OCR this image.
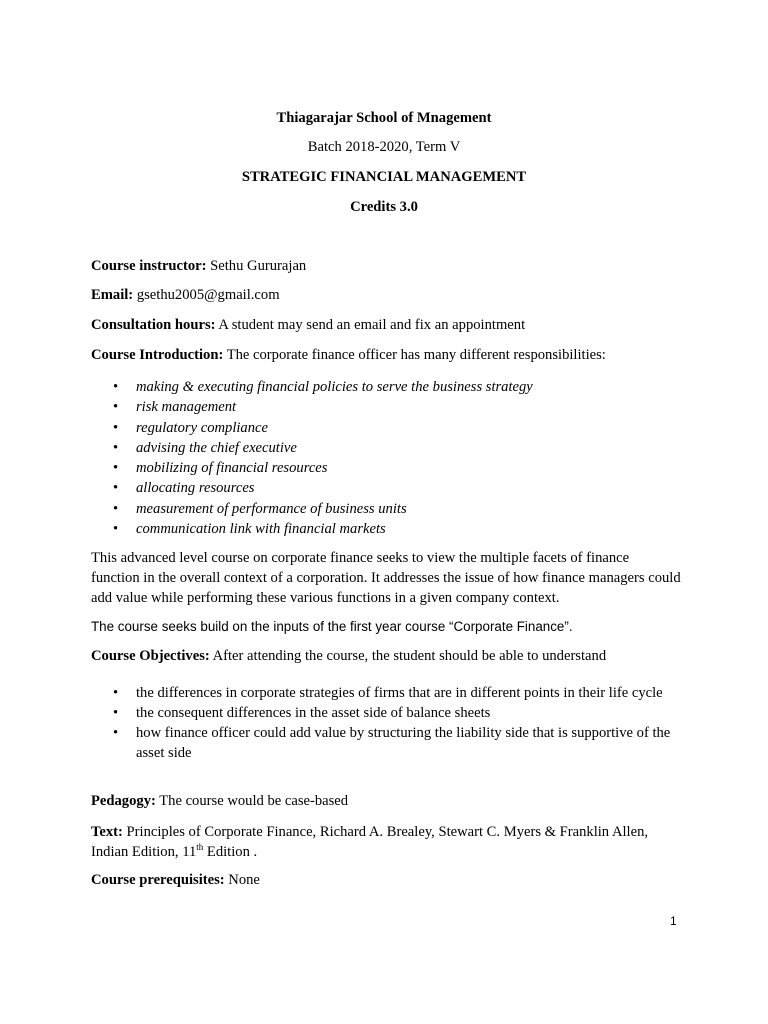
Thiagarajar School of Mnagement
Batch 2018-2020, Term V
STRATEGIC FINANCIAL MANAGEMENT
Credits 3.0
Course instructor: Sethu Gururajan
Email: gsethu2005@gmail.com
Consultation hours: A student may send an email and fix an appointment
Course Introduction: The corporate finance officer has many different responsibilities:
• making & executing financial policies to serve the business strategy
• risk management
• regulatory compliance
• advising the chief executive
• mobilizing of financial resources
• allocating resources
• measurement of performance of business units
• communication link with financial markets
This advanced level course on corporate finance seeks to view the multiple facets of finance function in the overall context of a corporation. It addresses the issue of how finance managers could add value while performing these various functions in a given company context.
The course seeks build on the inputs of the first year course “Corporate Finance”.
Course Objectives: After attending the course, the student should be able to understand
• the differences in corporate strategies of firms that are in different points in their life cycle
• the consequent differences in the asset side of balance sheets
• how finance officer could add value by structuring the liability side that is supportive of the asset side
Pedagogy: The course would be case-based
Text: Principles of Corporate Finance, Richard A. Brealey, Stewart C. Myers & Franklin Allen, Indian Edition, 11th Edition .
Course prerequisites: None
1
